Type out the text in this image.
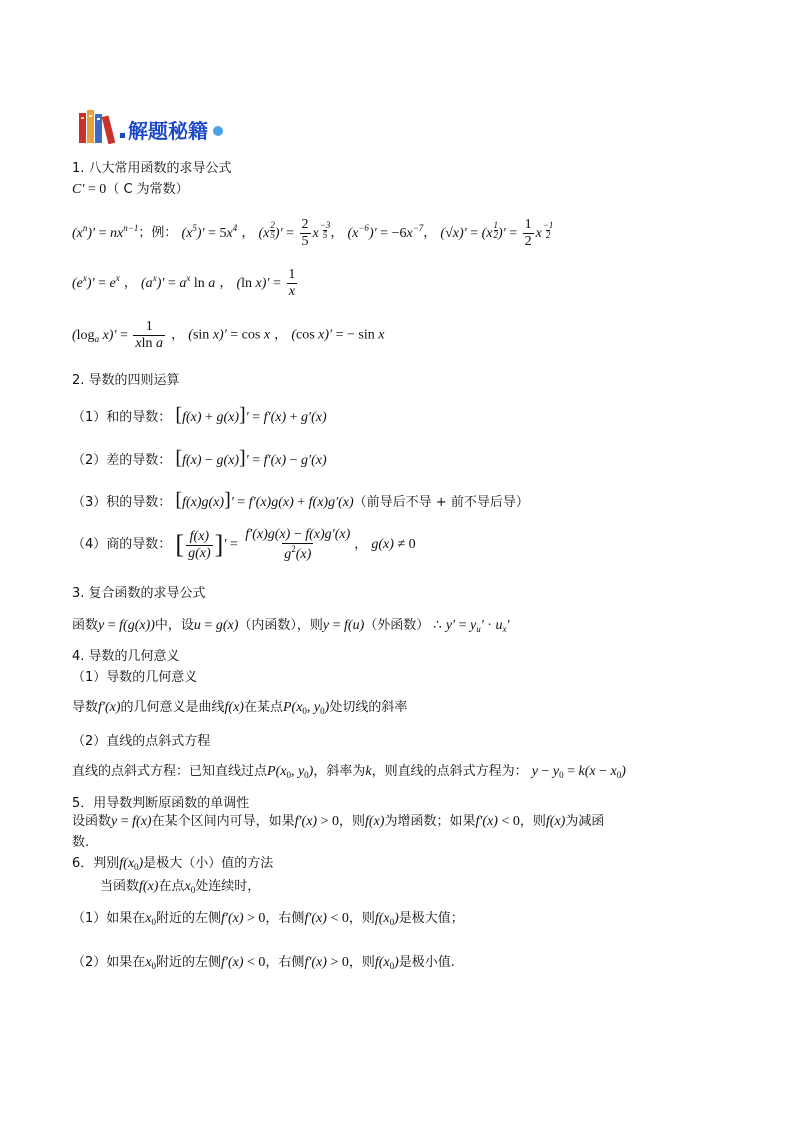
解题秘籍
1. 八大常用函数的求导公式
C′ = 0（ C 为常数）
$(x^n)' = nx^{n-1}$；例： $(x^5)' = 5x^4$ ， ($x \frac{2}{5}$ )′ = $\frac{2}{5}$ x $\frac{-3}{5}$ ， $(x^{-6})' = -6x^{-7}$， $(√x)' = (x \frac{1}{2}$ )′ = $\frac{1}{2}$ x $\frac{-1}{2}$
$(e^x)' = e^x$ ， $(a^x)' = a^x$ ln a ， (ln $x)' = \frac{1}{x}$
($\log_a$ $x)' = \frac{1}{\text{xln a}}$ ， (sin x)′ = cos x ， (cos x)′ = − sin x
2. 导数的四则运算
（1）和的导数： [f(x) + g(x)]′ = f′(x) + g′(x)
（2）差的导数： [f(x) − g(x)]′ = f′(x) − g′(x)
（3）积的导数： [f(x)g(x)]′ = f′(x)g(x) + f(x)g′(x)（前导后不导 + 前不导后导）
（4）商的导数： [ $\frac{f(x)}{g(x)}$ ]′ = $\frac{f'(x)g(x) - f(x)g'(x)}{g^2(x)}$ ， g(x) ≠ 0
3. 复合函数的求导公式
函数y = f(g(x))中，设u = g(x)（内函数），则y = f(u)（外函数） ∴ $y' = y_u' \cdot u_x'$
4. 导数的几何意义
（1）导数的几何意义
导数f′(x)的几何意义是曲线f(x)在某点$P(x_0$, $y_0$)处切线的斜率
（2）直线的点斜式方程
直线的点斜式方程：已知直线过点$P(x_0$, $y_0$)，斜率为k，则直线的点斜式方程为： $y - y_0 = k(x - x_0)$
5．用导数判断原函数的单调性
设函数y = f(x)在某个区间内可导，如果f′(x) > 0，则f(x)为增函数；如果f′(x) < 0，则f(x)为减函
数.
6．判别$f(x_0)$是极大（小）值的方法
当函数f(x)在点$x_0$处连续时，
（1）如果在$x_0$附近的左侧f′(x) > 0，右侧f′(x) < 0，则$f(x_0)$是极大值；
（2）如果在$x_0$附近的左侧f′(x) < 0，右侧f′(x) > 0，则$f(x_0)$是极小值.
